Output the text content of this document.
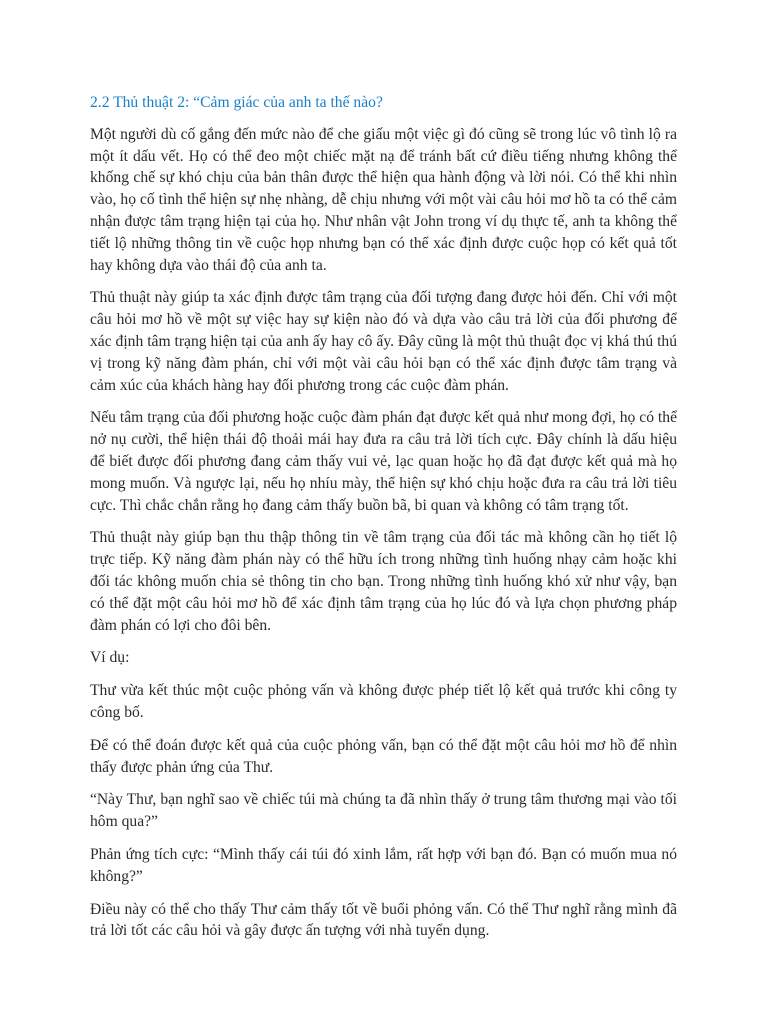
2.2 Thủ thuật 2: “Cảm giác của anh ta thế nào?

Một người dù cố gắng đến mức nào để che giấu một việc gì đó cũng sẽ trong lúc vô tình lộ ra một ít dấu vết. Họ có thể đeo một chiếc mặt nạ để tránh bất cứ điều tiếng nhưng không thể khống chế sự khó chịu của bản thân được thể hiện qua hành động và lời nói. Có thể khi nhìn vào, họ cố tình thể hiện sự nhẹ nhàng, dễ chịu nhưng với một vài câu hỏi mơ hồ ta có thể cảm nhận được tâm trạng hiện tại của họ. Như nhân vật John trong ví dụ thực tế, anh ta không thể tiết lộ những thông tin về cuộc họp nhưng bạn có thể xác định được cuộc họp có kết quả tốt hay không dựa vào thái độ của anh ta.

Thủ thuật này giúp ta xác định được tâm trạng của đối tượng đang được hỏi đến. Chỉ với một câu hỏi mơ hồ về một sự việc hay sự kiện nào đó và dựa vào câu trả lời của đối phương để xác định tâm trạng hiện tại của anh ấy hay cô ấy. Đây cũng là một thủ thuật đọc vị khá thú thú vị trong kỹ năng đàm phán, chỉ với một vài câu hỏi bạn có thể xác định được tâm trạng và cảm xúc của khách hàng hay đối phương trong các cuộc đàm phán.

Nếu tâm trạng của đối phương hoặc cuộc đàm phán đạt được kết quả như mong đợi, họ có thể nở nụ cười, thể hiện thái độ thoải mái hay đưa ra câu trả lời tích cực. Đây chính là dấu hiệu để biết được đối phương đang cảm thấy vui vẻ, lạc quan hoặc họ đã đạt được kết quả mà họ mong muốn. Và ngược lại, nếu họ nhíu mày, thể hiện sự khó chịu hoặc đưa ra câu trả lời tiêu cực. Thì chắc chắn rằng họ đang cảm thấy buồn bã, bi quan và không có tâm trạng tốt.

Thủ thuật này giúp bạn thu thập thông tin về tâm trạng của đối tác mà không cần họ tiết lộ trực tiếp. Kỹ năng đàm phán này có thể hữu ích trong những tình huống nhạy cảm hoặc khi đối tác không muốn chia sẻ thông tin cho bạn. Trong những tình huống khó xử như vậy, bạn có thể đặt một câu hỏi mơ hồ để xác định tâm trạng của họ lúc đó và lựa chọn phương pháp đàm phán có lợi cho đôi bên.

Ví dụ:

Thư vừa kết thúc một cuộc phỏng vấn và không được phép tiết lộ kết quả trước khi công ty công bố.

Để có thể đoán được kết quả của cuộc phỏng vấn, bạn có thể đặt một câu hỏi mơ hồ để nhìn thấy được phản ứng của Thư.

“Này Thư, bạn nghĩ sao về chiếc túi mà chúng ta đã nhìn thấy ở trung tâm thương mại vào tối hôm qua?”

Phản ứng tích cực: “Mình thấy cái túi đó xinh lắm, rất hợp với bạn đó. Bạn có muốn mua nó không?”

Điều này có thể cho thấy Thư cảm thấy tốt về buổi phỏng vấn. Có thể Thư nghĩ rằng mình đã trả lời tốt các câu hỏi và gây được ấn tượng với nhà tuyển dụng.
